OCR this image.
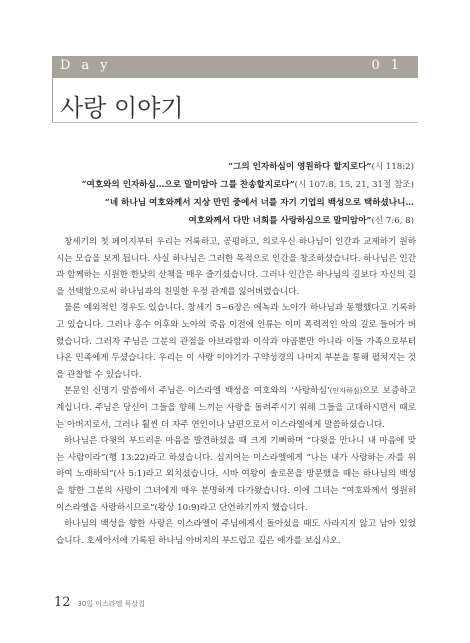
Day	01
사랑 이야기
“그의 인자하심이 영원하다 할지로다”(시 118:2)
“여호와의 인자하심…으로 말미암아 그를 찬송할지로다”(시 107:8, 15, 21, 31절 참조)
“네 하나님 여호와께서 지상 만민 중에서 너를 자기 기업의 백성으로 택하셨나니…
여호와께서 다만 너희를 사랑하심으로 말미암아”(신 7:6, 8)

창세기의 첫 페이지부터 우리는 거룩하고, 공평하고, 의로우신 하나님이 인간과 교제하기 원하시는 모습을 보게 됩니다. 사실 하나님은 그러한 목적으로 인간을 창조하셨습니다. 하나님은 인간과 함께하는 시원한 한낮의 산책을 매우 즐기셨습니다. 그러나 인간은 하나님의 길보다 자신의 길을 선택함으로써 하나님과의 친밀한 우정 관계를 잃어버렸습니다.

물론 예외적인 경우도 있습니다. 창세기 5~6장은 에녹과 노아가 하나님과 동행했다고 기록하고 있습니다. 그러나 홍수 이후와 노아의 죽음 이전에 인류는 이미 폭력적인 악의 길로 들어가 버렸습니다. 그러자 주님은 그분의 관점을 아브라함과 이삭과 야곱뿐만 아니라 이들 가족으로부터 나온 민족에게 두셨습니다. 우리는 이 사랑 이야기가 구약성경의 나머지 부분을 통해 펼쳐지는 것을 관찰할 수 있습니다.

본문인 신명기 말씀에서 주님은 이스라엘 백성을 여호와의 ‘사랑하심’(인자하심)으로 보증하고 계십니다. 주님은 당신이 그들을 향해 느끼는 사랑을 돌려주시기 위해 그들을 고대하시면서 때로는 아버지로서, 그러나 훨씬 더 자주 연인이나 남편으로서 이스라엘에게 말씀하셨습니다.

하나님은 다윗의 부드러운 마음을 발견하셨을 때 크게 기뻐하며 “다윗을 만나니 내 마음에 맞는 사람이라”(행 13:22)라고 하셨습니다. 심지어는 이스라엘에게 “나는 내가 사랑하는 자를 위하여 노래하되”(사 5:1)라고 외치셨습니다. 시바 여왕이 솔로몬을 방문했을 때는 하나님의 백성을 향한 그분의 사랑이 그녀에게 매우 분명하게 다가왔습니다. 이에 그녀는 “여호와께서 영원히 이스라엘을 사랑하시므로”(왕상 10:9)라고 단언하기까지 했습니다.

하나님의 백성을 향한 사랑은 이스라엘이 주님에게서 돌아섰을 때도 사라지지 않고 남아 있었습니다. 호세아서에 기록된 하나님 아버지의 부드럽고 깊은 애가를 보십시오.

12 30일 이스라엘 묵상집
